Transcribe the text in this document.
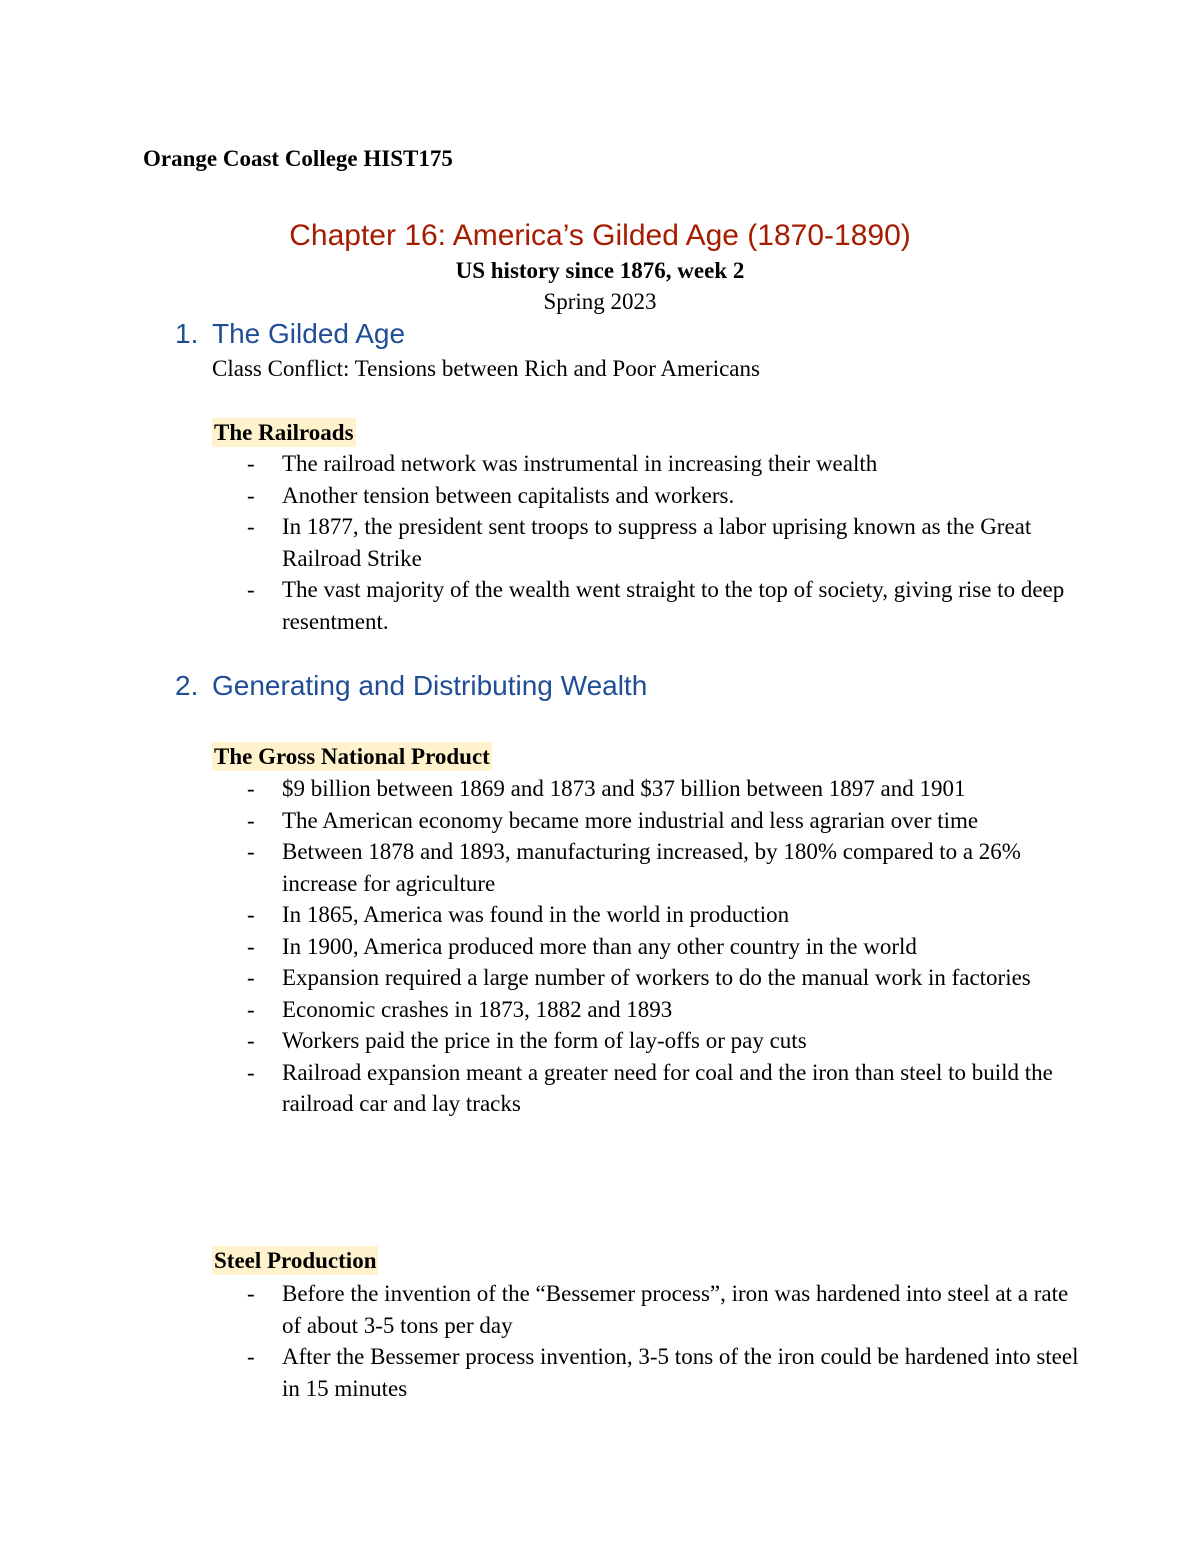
Orange Coast College HIST175
Chapter 16: America’s Gilded Age (1870-1890)
US history since 1876, week 2
Spring 2023
1. The Gilded Age
Class Conflict: Tensions between Rich and Poor Americans
The Railroads
- The railroad network was instrumental in increasing their wealth
- Another tension between capitalists and workers.
- In 1877, the president sent troops to suppress a labor uprising known as the Great Railroad Strike
- The vast majority of the wealth went straight to the top of society, giving rise to deep resentment.
2. Generating and Distributing Wealth
The Gross National Product
- $9 billion between 1869 and 1873 and $37 billion between 1897 and 1901
- The American economy became more industrial and less agrarian over time
- Between 1878 and 1893, manufacturing increased, by 180% compared to a 26% increase for agriculture
- In 1865, America was found in the world in production
- In 1900, America produced more than any other country in the world
- Expansion required a large number of workers to do the manual work in factories
- Economic crashes in 1873, 1882 and 1893
- Workers paid the price in the form of lay-offs or pay cuts
- Railroad expansion meant a greater need for coal and the iron than steel to build the railroad car and lay tracks
Steel Production
- Before the invention of the “Bessemer process”, iron was hardened into steel at a rate of about 3-5 tons per day
- After the Bessemer process invention, 3-5 tons of the iron could be hardened into steel in 15 minutes
